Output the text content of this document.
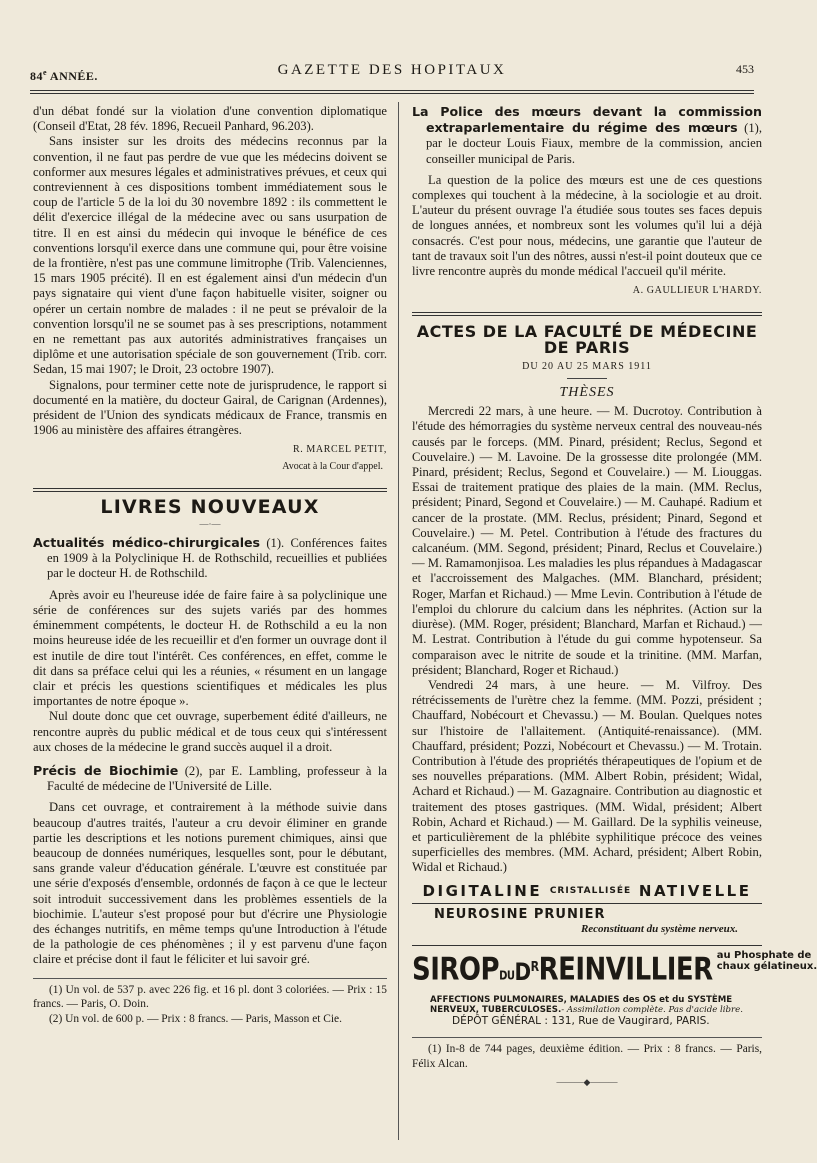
84e ANNÉE.	GAZETTE DES HOPITAUX	453

d'un débat fondé sur la violation d'une convention diplomatique (Conseil d'Etat, 28 fév. 1896, Recueil Panhard, 96.203).

Sans insister sur les droits des médecins reconnus par la convention, il ne faut pas perdre de vue que les médecins doivent se conformer aux mesures légales et administratives prévues, et ceux qui contreviennent à ces dispositions tombent immédiatement sous le coup de l'article 5 de la loi du 30 novembre 1892 : ils commettent le délit d'exercice illégal de la médecine avec ou sans usurpation de titre. Il en est ainsi du médecin qui invoque le bénéfice de ces conventions lorsqu'il exerce dans une commune qui, pour être voisine de la frontière, n'est pas une commune limitrophe (Trib. Valenciennes, 15 mars 1905 précité). Il en est également ainsi d'un médecin d'un pays signataire qui vient d'une façon habituelle visiter, soigner ou opérer un certain nombre de malades : il ne peut se prévaloir de la convention lorsqu'il ne se soumet pas à ses prescriptions, notamment en ne remettant pas aux autorités administratives françaises un diplôme et une autorisation spéciale de son gouvernement (Trib. corr. Sedan, 15 mai 1907; le Droit, 23 octobre 1907).

Signalons, pour terminer cette note de jurisprudence, le rapport si documenté en la matière, du docteur Gairal, de Carignan (Ardennes), président de l'Union des syndicats médicaux de France, transmis en 1906 au ministère des affaires étrangères.

R. MARCEL PETIT,
Avocat à la Cour d'appel.
LIVRES NOUVEAUX
—·—

Actualités médico-chirurgicales (1). Conférences faites en 1909 à la Polyclinique H. de Rothschild, recueillies et publiées par le docteur H. de Rothschild.

Après avoir eu l'heureuse idée de faire faire à sa polyclinique une série de conférences sur des sujets variés par des hommes éminemment compétents, le docteur H. de Rothschild a eu la non moins heureuse idée de les recueillir et d'en former un ouvrage dont il est inutile de dire tout l'intérêt. Ces conférences, en effet, comme le dit dans sa préface celui qui les a réunies, « résument en un langage clair et précis les questions scientifiques et médicales les plus importantes de notre époque ».

Nul doute donc que cet ouvrage, superbement édité d'ailleurs, ne rencontre auprès du public médical et de tous ceux qui s'intéressent aux choses de la médecine le grand succès auquel il a droit.

Précis de Biochimie (2), par E. Lambling, professeur à la Faculté de médecine de l'Université de Lille.

Dans cet ouvrage, et contrairement à la méthode suivie dans beaucoup d'autres traités, l'auteur a cru devoir éliminer en grande partie les descriptions et les notions purement chimiques, ainsi que beaucoup de données numériques, lesquelles sont, pour le débutant, sans grande valeur d'éducation générale. L'œuvre est constituée par une série d'exposés d'ensemble, ordonnés de façon à ce que le lecteur soit introduit successivement dans les problèmes essentiels de la biochimie. L'auteur s'est proposé pour but d'écrire une Physiologie des échanges nutritifs, en même temps qu'une Introduction à l'étude de la pathologie de ces phénomènes ; il y est parvenu d'une façon claire et précise dont il faut le féliciter et lui savoir gré.

(1) Un vol. de 537 p. avec 226 fig. et 16 pl. dont 3 coloriées. — Prix : 15 francs. — Paris, O. Doin.

(2) Un vol. de 600 p. — Prix : 8 francs. — Paris, Masson et Cie.

La Police des mœurs devant la commission extraparlementaire du régime des mœurs (1), par le docteur Louis Fiaux, membre de la commission, ancien conseiller municipal de Paris.

La question de la police des mœurs est une de ces questions complexes qui touchent à la médecine, à la sociologie et au droit. L'auteur du présent ouvrage l'a étudiée sous toutes ses faces depuis de longues années, et nombreux sont les volumes qu'il lui a déjà consacrés. C'est pour nous, médecins, une garantie que l'auteur de tant de travaux soit l'un des nôtres, aussi n'est-il point douteux que ce livre rencontre auprès du monde médical l'accueil qu'il mérite.

A. GAULLIEUR L'HARDY.
ACTES DE LA FACULTÉ DE MÉDECINE DE PARIS
DU 20 AU 25 MARS 1911
THÈSES

Mercredi 22 mars, à une heure. — M. Ducrotoy. Contribution à l'étude des hémorragies du système nerveux central des nouveau-nés causés par le forceps. (MM. Pinard, président; Reclus, Segond et Couvelaire.) — M. Lavoine. De la grossesse dite prolongée (MM. Pinard, président; Reclus, Segond et Couvelaire.) — M. Liouggas. Essai de traitement pratique des plaies de la main. (MM. Reclus, président; Pinard, Segond et Couvelaire.) — M. Cauhapé. Radium et cancer de la prostate. (MM. Reclus, président; Pinard, Segond et Couvelaire.) — M. Petel. Contribution à l'étude des fractures du calcanéum. (MM. Segond, président; Pinard, Reclus et Couvelaire.) — M. Ramamonjisoa. Les maladies les plus répandues à Madagascar et l'accroissement des Malgaches. (MM. Blanchard, président; Roger, Marfan et Richaud.) — Mme Levin. Contribution à l'étude de l'emploi du chlorure du calcium dans les néphrites. (Action sur la diurèse). (MM. Roger, président; Blanchard, Marfan et Richaud.) — M. Lestrat. Contribution à l'étude du gui comme hypotenseur. Sa comparaison avec le nitrite de soude et la trinitine. (MM. Marfan, président; Blanchard, Roger et Richaud.)

Vendredi 24 mars, à une heure. — M. Vilfroy. Des rétrécissements de l'urètre chez la femme. (MM. Pozzi, président ; Chauffard, Nobécourt et Chevassu.) — M. Boulan. Quelques notes sur l'histoire de l'allaitement. (Antiquité-renaissance). (MM. Chauffard, président; Pozzi, Nobécourt et Chevassu.) — M. Trotain. Contribution à l'étude des propriétés thérapeutiques de l'opium et de ses nouvelles préparations. (MM. Albert Robin, président; Widal, Achard et Richaud.) — M. Gazagnaire. Contribution au diagnostic et traitement des ptoses gastriques. (MM. Widal, président; Albert Robin, Achard et Richaud.) — M. Gaillard. De la syphilis veineuse, et particulièrement de la phlébite syphilitique précoce des veines superficielles des membres. (MM. Achard, président; Albert Robin, Widal et Richaud.)

DIGITALINE CRISTALLISÉE NATIVELLE
NEUROSINE PRUNIER
Reconstituant du système nerveux.
$SIROPDUD^RREINVILLIER$ au Phosphate de
chaux gélatineux.
AFFECTIONS PULMONAIRES, MALADIES des OS et du SYSTÈME
NERVEUX, TUBERCULOSES.- Assimilation complète. Pas d'acide libre.
DÉPÔT GÉNÉRAL : 131, Rue de Vaugirard, PARIS.

(1) In-8 de 744 pages, deuxième édition. — Prix : 8 francs. — Paris, Félix Alcan.

———◆———
